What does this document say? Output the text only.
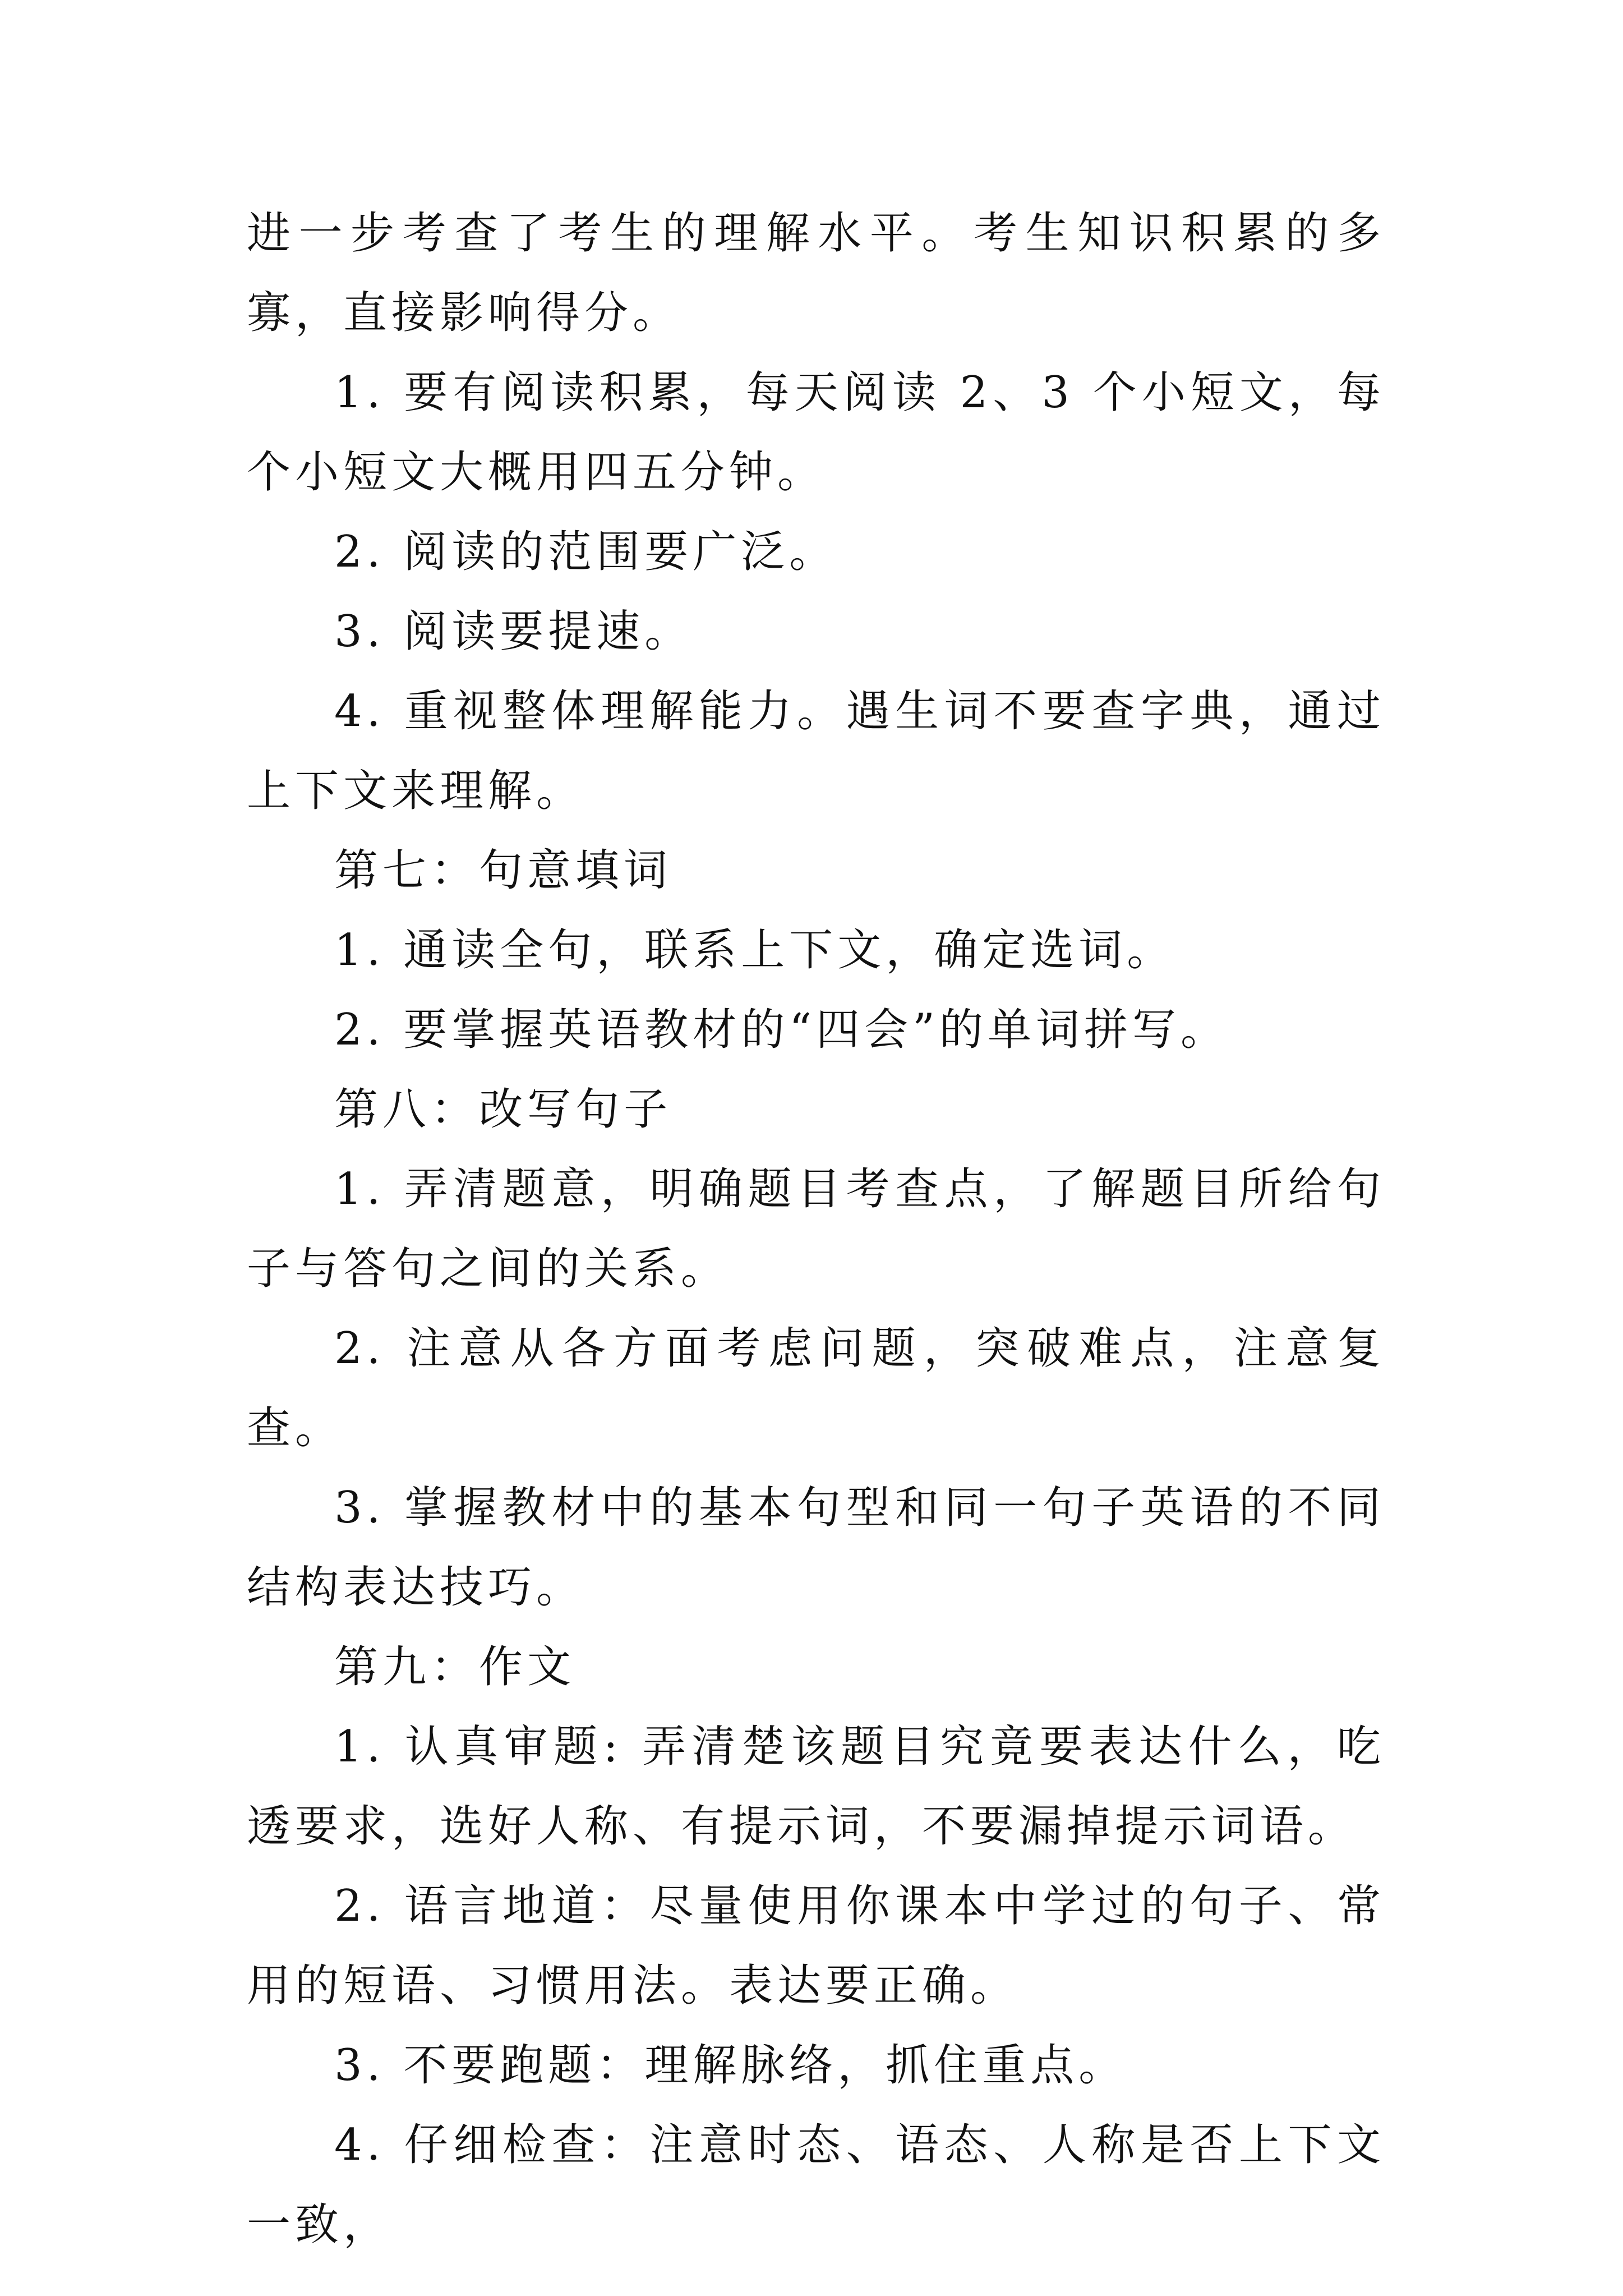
进一步考查了考生的理解水平。考生知识积累的多寡，直接影响得分。

1. 要有阅读积累，每天阅读 2、3 个小短文，每个小短文大概用四五分钟。

2. 阅读的范围要广泛。

3. 阅读要提速。

4. 重视整体理解能力。遇生词不要查字典，通过上下文来理解。

第七：句意填词

1. 通读全句，联系上下文，确定选词。

2. 要掌握英语教材的“四会”的单词拼写。

第八：改写句子

1. 弄清题意，明确题目考查点，了解题目所给句子与答句之间的关系。

2. 注意从各方面考虑问题，突破难点，注意复查。

3. 掌握教材中的基本句型和同一句子英语的不同结构表达技巧。

第九：作文

1. 认真审题: 弄清楚该题目究竟要表达什么，吃透要求，选好人称、有提示词，不要漏掉提示词语。

2. 语言地道：尽量使用你课本中学过的句子、常用的短语、习惯用法。表达要正确。

3. 不要跑题：理解脉络，抓住重点。

4. 仔细检查：注意时态、语态、人称是否上下文一致，
